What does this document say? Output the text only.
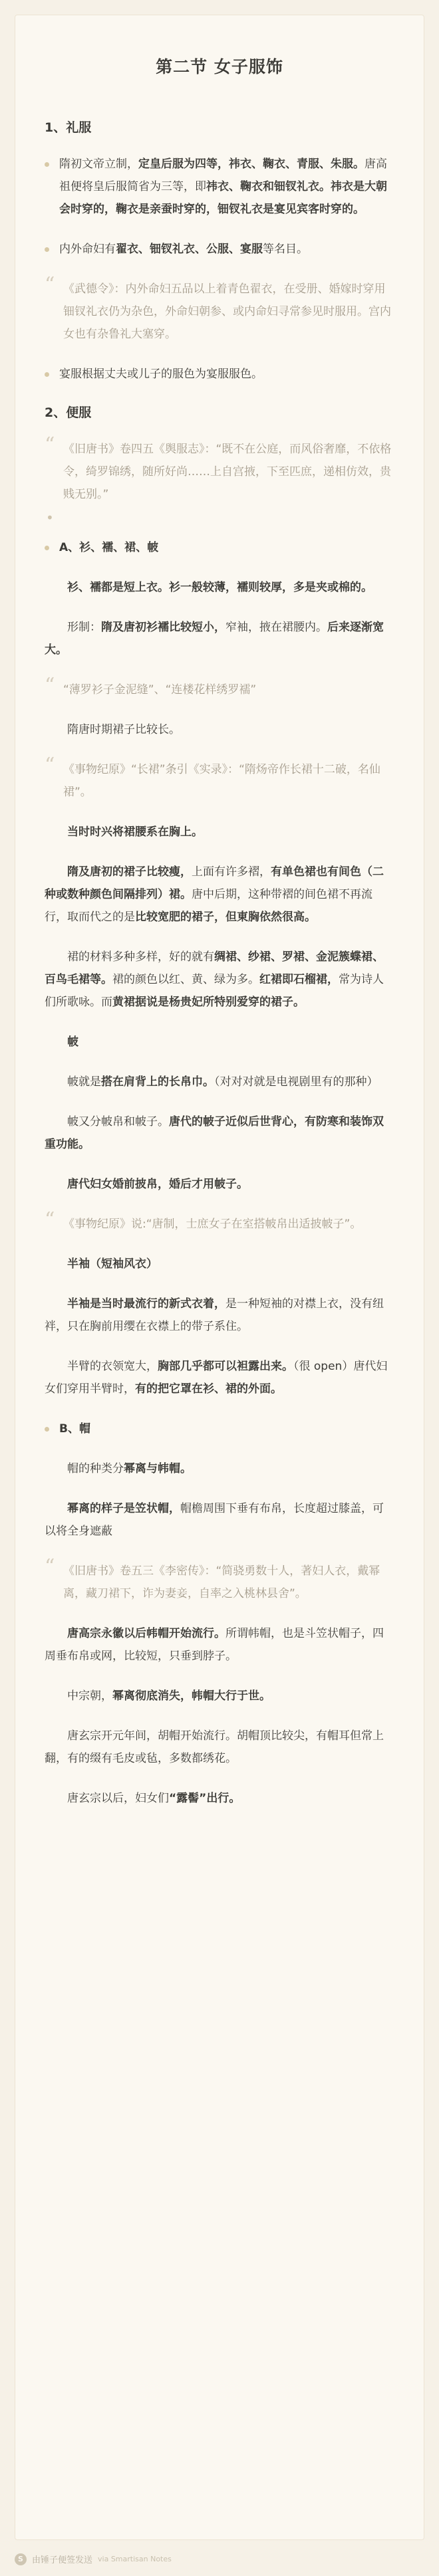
第二节 女子服饰
1、礼服

隋初文帝立制，定皇后服为四等，祎衣、鞠衣、青服、朱服。唐高祖便将皇后服简省为三等，即祎衣、鞠衣和钿钗礼衣。祎衣是大朝会时穿的，鞠衣是亲蚕时穿的，钿钗礼衣是宴见宾客时穿的。

内外命妇有翟衣、钿钗礼衣、公服、宴服等名目。

“ 《武德令》：内外命妇五品以上着青色翟衣，在受册、婚嫁时穿用钿钗礼衣仍为杂色，外命妇朝参、或内命妇寻常参见时服用。宫内女也有杂鲁礼大塞穿。

宴服根据丈夫或儿子的服色为宴服服色。

2、便服
“ 《旧唐书》卷四五《舆服志》：“既不在公庭，而风俗奢靡，不依格令，绮罗锦绣，随所好尚……上自宫掖，下至匹庶，递相仿效，贵贱无别。”
•

A、衫、襦、裙、帔

衫、襦都是短上衣。衫一般较薄，襦则较厚，多是夹或棉的。

形制：隋及唐初衫襦比较短小，窄袖，掖在裙腰内。后来逐渐宽大。

“ “薄罗衫子金泥缝”、“连楼花样绣罗襦”

隋唐时期裙子比较长。

“ 《事物纪原》“长裙”条引《实录》：“隋炀帝作长裙十二破，名仙裙”。

当时时兴将裙腰系在胸上。

隋及唐初的裙子比较瘦，上面有许多褶，有单色裙也有间色（二种或数种颜色间隔排列）裙。唐中后期，这种带褶的间色裙不再流行，取而代之的是比较宽肥的裙子，但東胸依然很高。

裙的材料多种多样，好的就有绸裙、纱裙、罗裙、金泥簇蝶裙、百鸟毛裙等。裙的颜色以红、黄、绿为多。红裙即石榴裙，常为诗人们所歌咏。而黄裙据说是杨贵妃所特别爱穿的裙子。

帔

帔就是搭在肩背上的长帛巾。（对对对就是电视剧里有的那种）

帔又分帔帛和帔子。唐代的帔子近似后世背心，有防寒和装饰双重功能。

唐代妇女婚前披帛，婚后才用帔子。

“ 《事物纪原》说:“唐制，士庶女子在室搭帔帛出适披帔子”。

半袖（短袖风衣）

半袖是当时最流行的新式衣着，是一种短袖的对襟上衣，没有纽袢，只在胸前用缨在衣襟上的带子系住。

半臂的衣领宽大，胸部几乎都可以袒露出来。（很 open）唐代妇女们穿用半臂时，有的把它罩在衫、裙的外面。

B、帽

帽的种类分幂离与帏帽。

幂离的样子是笠状帽，帽檐周围下垂有布帛，长度超过膝盖，可以将全身遮蔽

“ 《旧唐书》卷五三《李密传》：“简骁勇数十人，著妇人衣，戴幂离，藏刀裙下，诈为妻妾，自率之入桃林县舍”。

唐高宗永徽以后帏帽开始流行。所谓帏帽，也是斗笠状帽子，四周垂布帛或网，比较短，只垂到脖子。

中宗朝，幂离彻底消失，帏帽大行于世。

唐玄宗开元年间，胡帽开始流行。胡帽顶比较尖，有帽耳但常上翻，有的缀有毛皮或毡，多数都绣花。

唐玄宗以后，妇女们“露髻”出行。

S	由锤子便签发送 via Smartisan Notes
